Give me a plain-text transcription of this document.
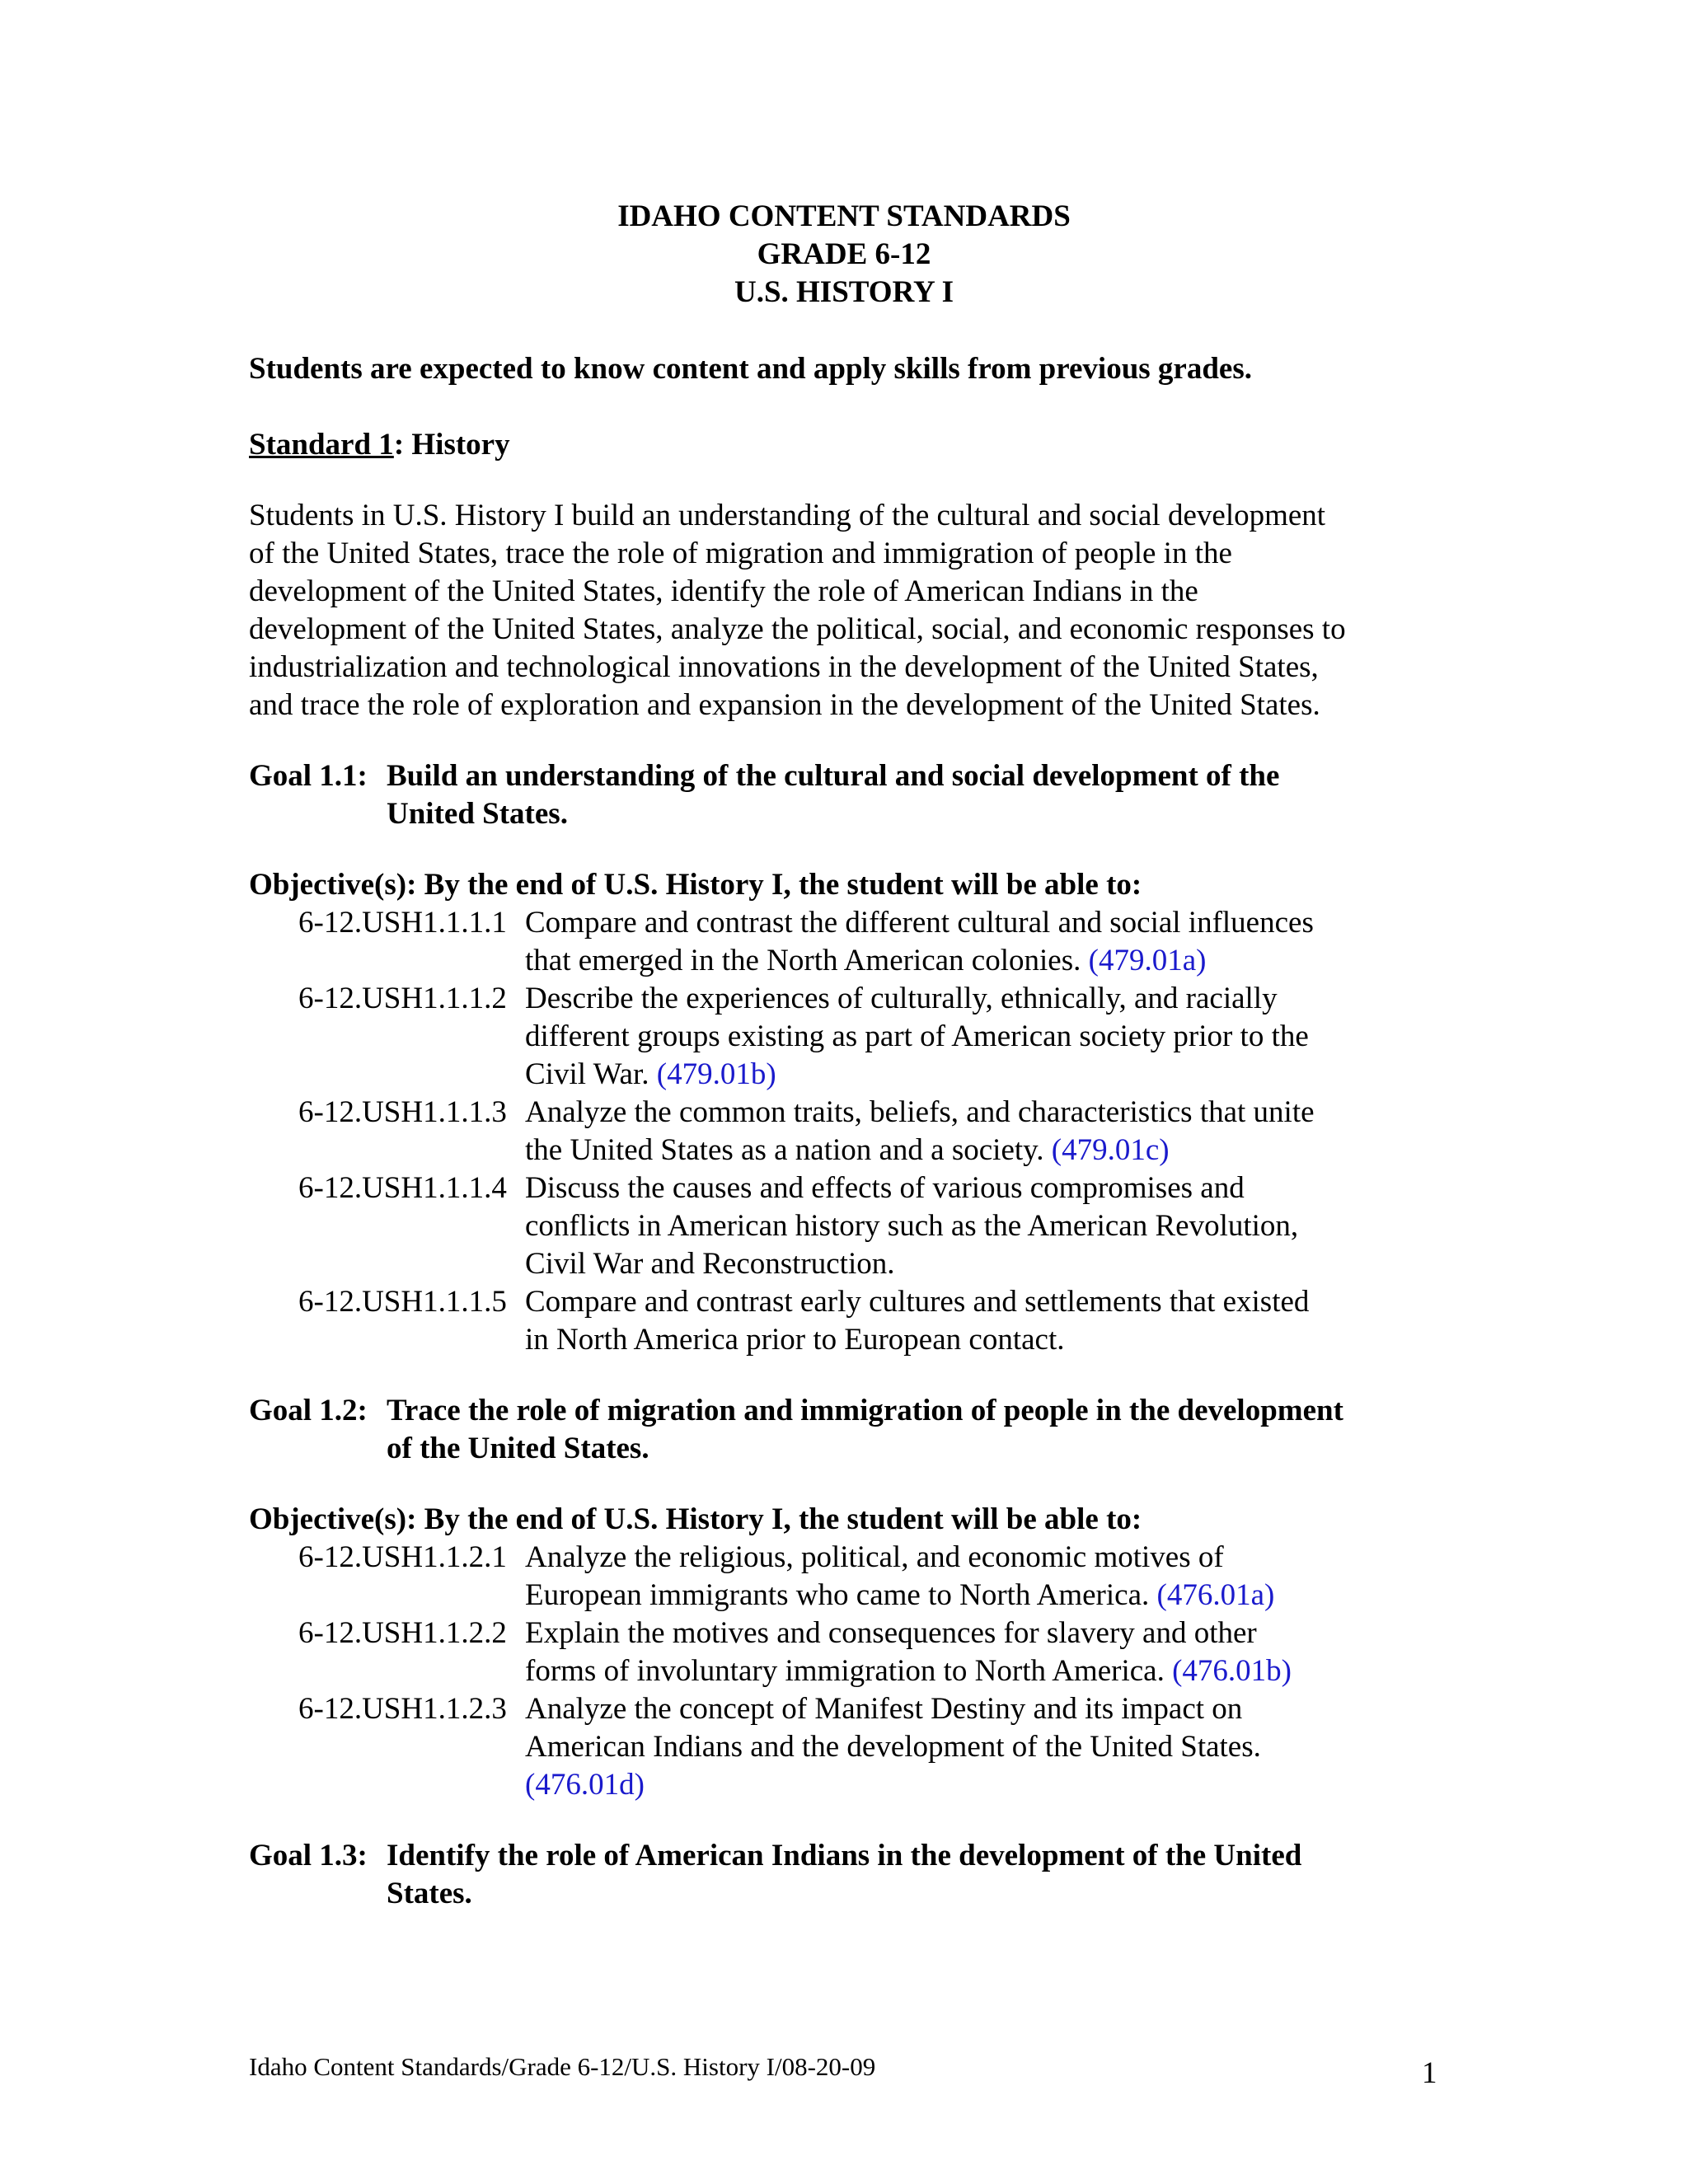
IDAHO CONTENT STANDARDS
GRADE 6-12
U.S. HISTORY I
Students are expected to know content and apply skills from previous grades.
Standard 1: History
Students in U.S. History I build an understanding of the cultural and social development
of the United States, trace the role of migration and immigration of people in the
development of the United States, identify the role of American Indians in the
development of the United States, analyze the political, social, and economic responses to
industrialization and technological innovations in the development of the United States,
and trace the role of exploration and expansion in the development of the United States.
Goal 1.1: Build an understanding of the cultural and social development of the
United States.
Objective(s): By the end of U.S. History I, the student will be able to:
6-12.USH1.1.1.1 Compare and contrast the different cultural and social influences
that emerged in the North American colonies. (479.01a)
6-12.USH1.1.1.2 Describe the experiences of culturally, ethnically, and racially
different groups existing as part of American society prior to the
Civil War. (479.01b)
6-12.USH1.1.1.3 Analyze the common traits, beliefs, and characteristics that unite
the United States as a nation and a society. (479.01c)
6-12.USH1.1.1.4 Discuss the causes and effects of various compromises and
conflicts in American history such as the American Revolution,
Civil War and Reconstruction.
6-12.USH1.1.1.5 Compare and contrast early cultures and settlements that existed
in North America prior to European contact.
Goal 1.2: Trace the role of migration and immigration of people in the development
of the United States.
Objective(s): By the end of U.S. History I, the student will be able to:
6-12.USH1.1.2.1 Analyze the religious, political, and economic motives of
European immigrants who came to North America. (476.01a)
6-12.USH1.1.2.2 Explain the motives and consequences for slavery and other
forms of involuntary immigration to North America. (476.01b)
6-12.USH1.1.2.3 Analyze the concept of Manifest Destiny and its impact on
American Indians and the development of the United States.
(476.01d)
Goal 1.3: Identify the role of American Indians in the development of the United
States.
Idaho Content Standards/Grade 6-12/U.S. History I/08-20-09	1
